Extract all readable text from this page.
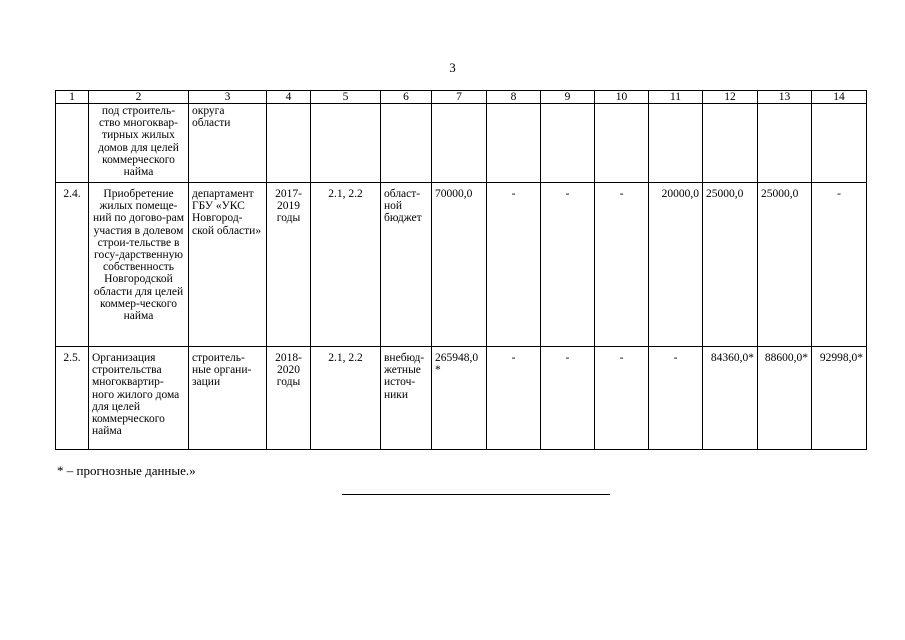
3
1	2	3	4	5	6	7	8	9	10	11	12	13	14
	под строитель-ство многоквар-тирных жилых домов для целей коммерческого найма	округа области											
2.4.	Приобретение жилых помеще-ний по догово-рам участия в долевом строи-тельстве в госу-дарственную собственность Новгородской области для целей коммер-ческого найма	департамент ГБУ «УКС Новгород-ской области»	2017-2019 годы	2.1, 2.2	област-ной бюджет	70000,0	-	-	-	20000,0	25000,0	25000,0	-
2.5.	Организация строительства многоквартир-ного жилого дома для целей коммерческого найма	строитель-ные органи-зации	2018-2020 годы	2.1, 2.2	внебюд-жетные источ-ники	265948,0*	-	-	-	-	84360,0*	88600,0*	92998,0*
* – прогнозные данные.»
